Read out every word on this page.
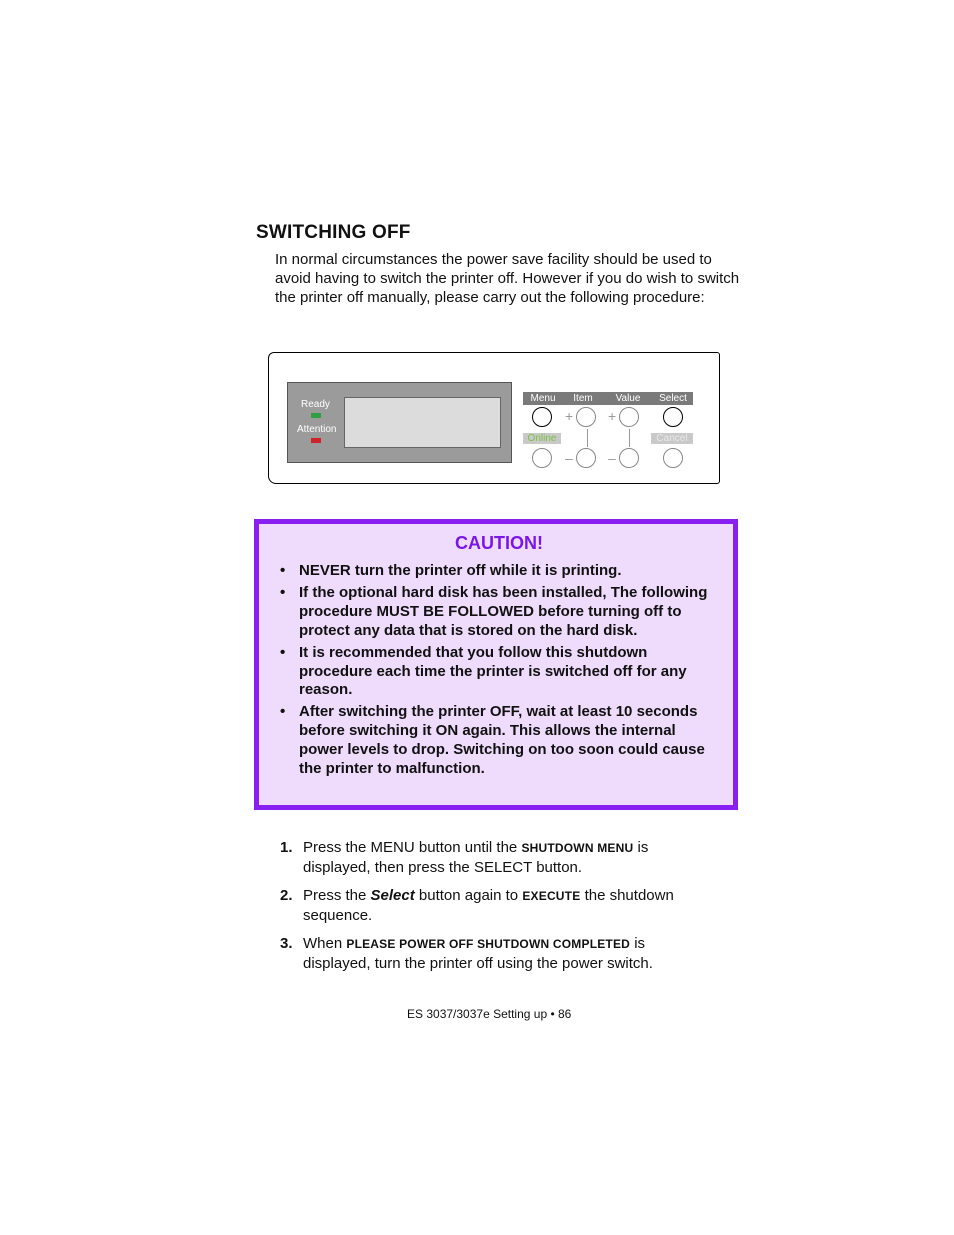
SWITCHING OFF

In normal circumstances the power save facility should be used to avoid having to switch the printer off. However if you do wish to switch the printer off manually, please carry out the following procedure:

Ready
Attention
Menu	Item	Value	Select
+ +
Online	Cancel
–	–
CAUTION!
• NEVER turn the printer off while it is printing.
• If the optional hard disk has been installed, The following procedure MUST BE FOLLOWED before turning off to protect any data that is stored on the hard disk.
• It is recommended that you follow this shutdown procedure each time the printer is switched off for any reason.
• After switching the printer OFF, wait at least 10 seconds before switching it ON again. This allows the internal power levels to drop. Switching on too soon could cause the printer to malfunction.
1. Press the MENU button until the SHUTDOWN MENU is displayed, then press the SELECT button.
2. Press the Select button again to EXECUTE the shutdown sequence.
3. When PLEASE POWER OFF SHUTDOWN COMPLETED is displayed, turn the printer off using the power switch.

ES 3037/3037e Setting up • 86
